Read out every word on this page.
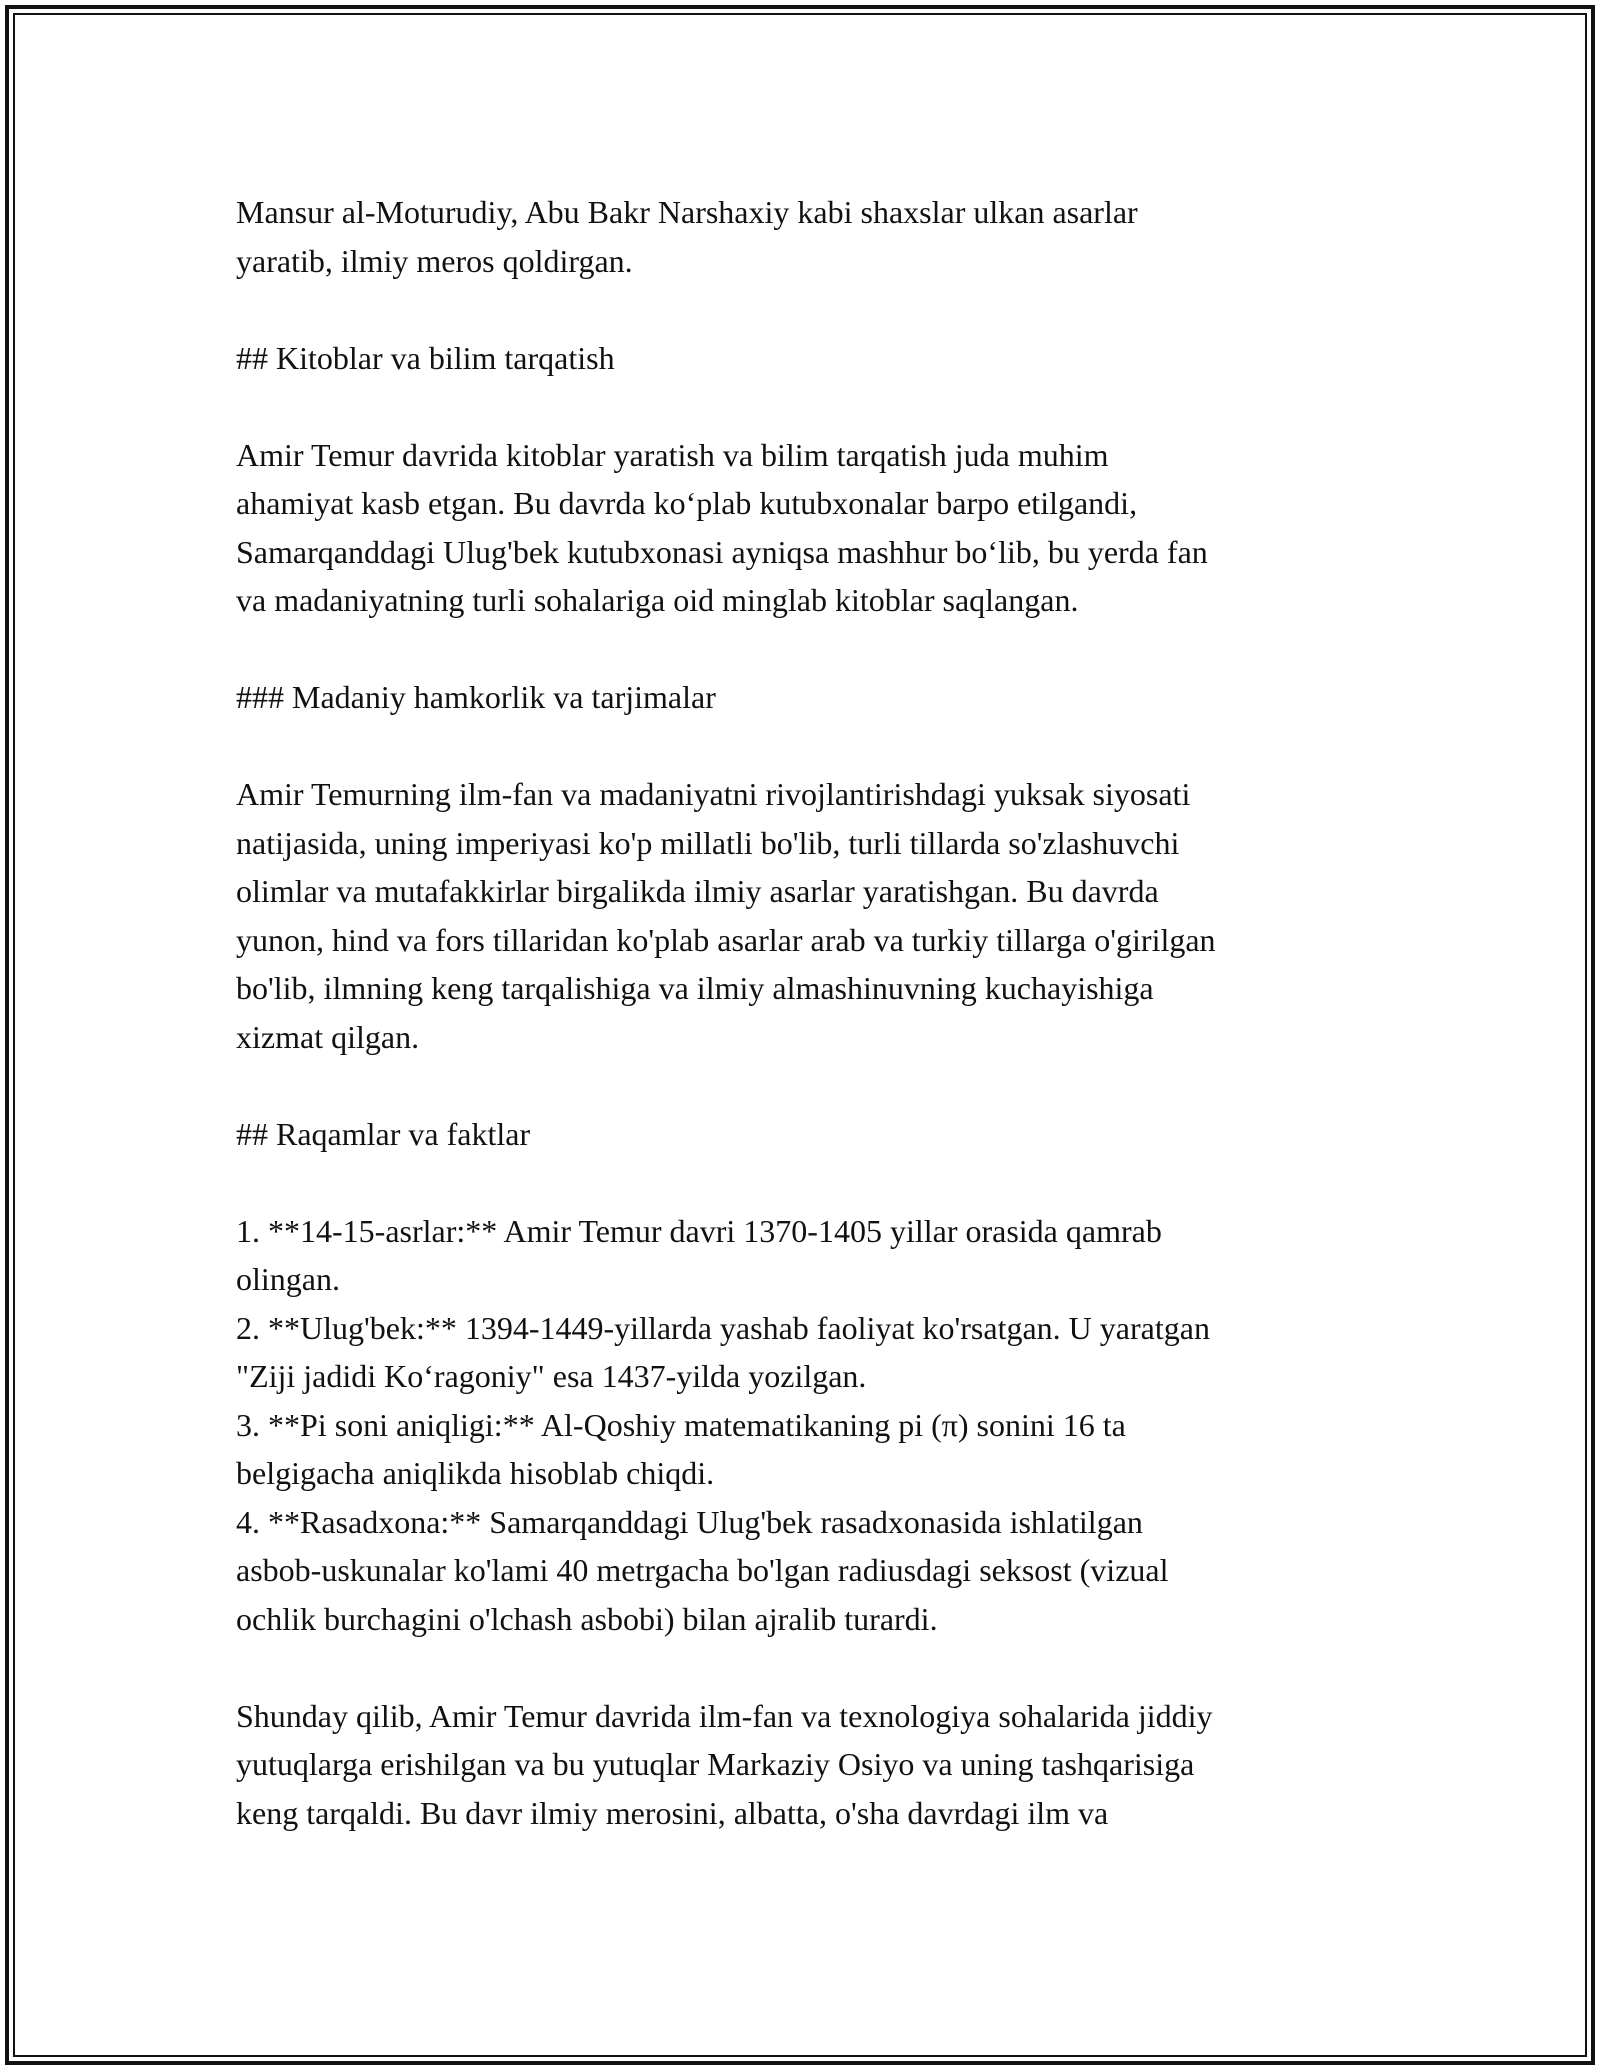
Mansur al-Moturudiy, Abu Bakr Narshaxiy kabi shaxslar ulkan asarlar
yaratib, ilmiy meros qoldirgan.
## Kitoblar va bilim tarqatish
Amir Temur davrida kitoblar yaratish va bilim tarqatish juda muhim
ahamiyat kasb etgan. Bu davrda ko‘plab kutubxonalar barpo etilgandi,
Samarqanddagi Ulug'bek kutubxonasi ayniqsa mashhur bo‘lib, bu yerda fan
va madaniyatning turli sohalariga oid minglab kitoblar saqlangan.
### Madaniy hamkorlik va tarjimalar
Amir Temurning ilm-fan va madaniyatni rivojlantirishdagi yuksak siyosati
natijasida, uning imperiyasi ko'p millatli bo'lib, turli tillarda so'zlashuvchi
olimlar va mutafakkirlar birgalikda ilmiy asarlar yaratishgan. Bu davrda
yunon, hind va fors tillaridan ko'plab asarlar arab va turkiy tillarga o'girilgan
bo'lib, ilmning keng tarqalishiga va ilmiy almashinuvning kuchayishiga
xizmat qilgan.
## Raqamlar va faktlar
1. **14-15-asrlar:** Amir Temur davri 1370-1405 yillar orasida qamrab
olingan.
2. **Ulug'bek:** 1394-1449-yillarda yashab faoliyat ko'rsatgan. U yaratgan
"Ziji jadidi Ko‘ragoniy" esa 1437-yilda yozilgan.
3. **Pi soni aniqligi:** Al-Qoshiy matematikaning pi (π) sonini 16 ta
belgigacha aniqlikda hisoblab chiqdi.
4. **Rasadxona:** Samarqanddagi Ulug'bek rasadxonasida ishlatilgan
asbob-uskunalar ko'lami 40 metrgacha bo'lgan radiusdagi seksost (vizual
ochlik burchagini o'lchash asbobi) bilan ajralib turardi.
Shunday qilib, Amir Temur davrida ilm-fan va texnologiya sohalarida jiddiy
yutuqlarga erishilgan va bu yutuqlar Markaziy Osiyo va uning tashqarisiga
keng tarqaldi. Bu davr ilmiy merosini, albatta, o'sha davrdagi ilm va
